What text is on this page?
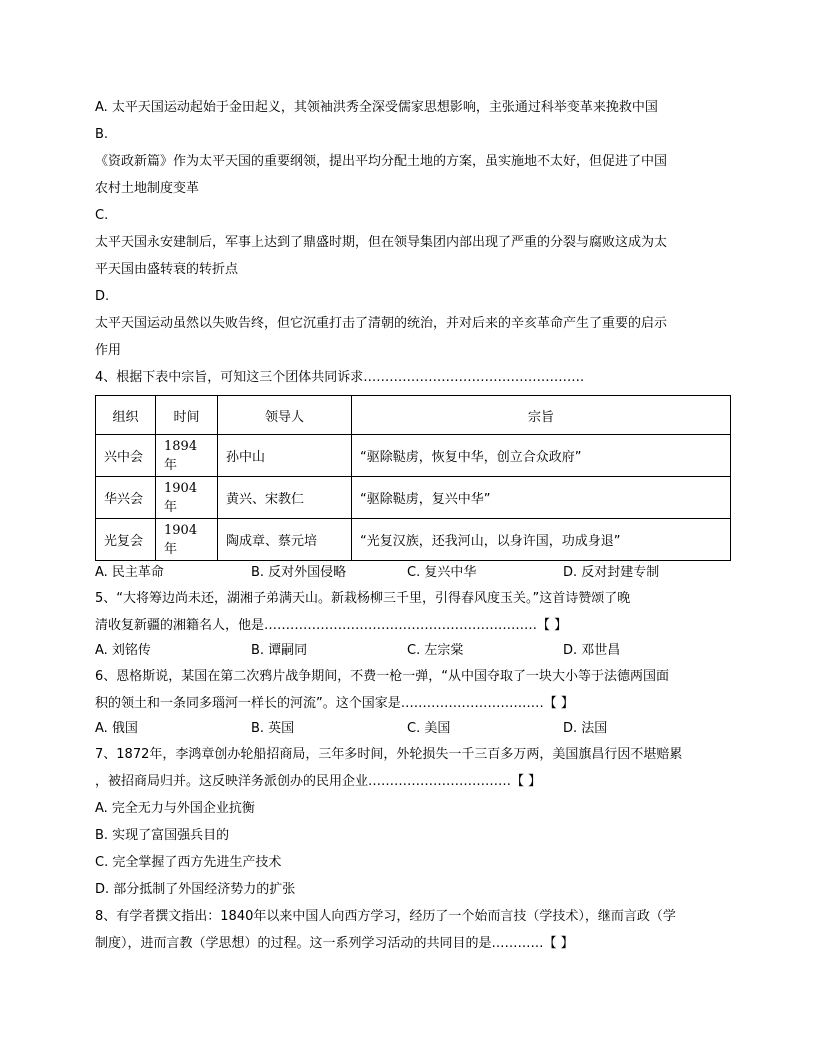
A. 太平天国运动起始于金田起义，其领袖洪秀全深受儒家思想影响，主张通过科举变革来挽救中国
B.
《资政新篇》作为太平天国的重要纲领，提出平均分配土地的方案，虽实施地不太好，但促进了中国
农村土地制度变革
C.
太平天国永安建制后，军事上达到了鼎盛时期，但在领导集团内部出现了严重的分裂与腐败这成为太
平天国由盛转衰的转折点
D.
太平天国运动虽然以失败告终，但它沉重打击了清朝的统治，并对后来的辛亥革命产生了重要的启示
作用
4、根据下表中宗旨，可知这三个团体共同诉求……………………………………………
组织	时间	领导人	宗旨
兴中会	1894年	孙中山	“驱除鞑虏，恢复中华，创立合众政府”
华兴会	1904年	黄兴、宋教仁	“驱除鞑虏，复兴中华”
光复会	1904年	陶成章、蔡元培	“光复汉族，还我河山，以身许国，功成身退”
A. 民主革命	B. 反对外国侵略	C. 复兴中华	D. 反对封建专制
5、“大将筹边尚未还，湖湘子弟满天山。新栽杨柳三千里，引得春风度玉关。”这首诗赞颂了晚
清收复新疆的湘籍名人，他是………………………………………………………【 】
A. 刘铭传	B. 谭嗣同	C. 左宗棠	D. 邓世昌
6、恩格斯说，某国在第二次鸦片战争期间，不费一枪一弹，“从中国夺取了一块大小等于法德两国面
积的领土和一条同多瑙河一样长的河流”。这个国家是……………………………【 】
A. 俄国	B. 英国	C. 美国	D. 法国
7、1872年，李鸿章创办轮船招商局，三年多时间，外轮损失一千三百多万两，美国旗昌行因不堪赔累
，被招商局归并。这反映洋务派创办的民用企业……………………………【 】
A. 完全无力与外国企业抗衡
B. 实现了富国强兵目的
C. 完全掌握了西方先进生产技术
D. 部分抵制了外国经济势力的扩张
8、有学者撰文指出：1840年以来中国人向西方学习，经历了一个始而言技（学技术），继而言政（学
制度），进而言教（学思想）的过程。这一系列学习活动的共同目的是…………【 】
